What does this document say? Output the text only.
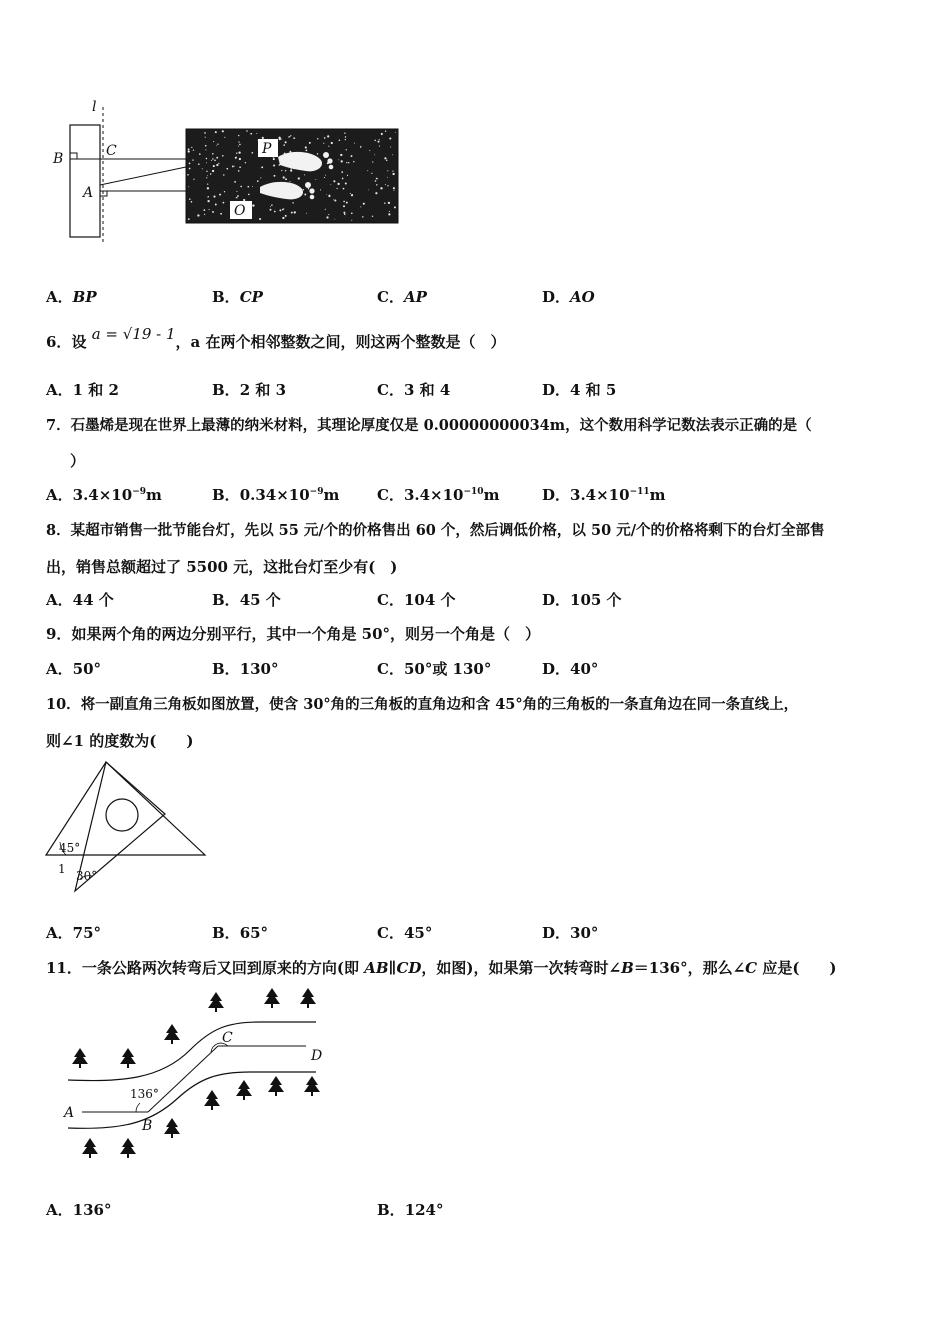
l
B	C
A
P
O
A．BP	B．CP	C．AP	D．AO
6．设 a = √19 - 1，a 在两个相邻整数之间，则这两个整数是（　）
A．1 和 2	B．2 和 3	C．3 和 4	D．4 和 5
7．石墨烯是现在世界上最薄的纳米材料，其理论厚度仅是 0.00000000034m，这个数用科学记数法表示正确的是（
）
A．$3.4\times 10^{-9}m$	B．$0.34\times 10^{-9}m$	C．$3.4\times 10^{-10}m$	D．$3.4\times 10^{-11}m$
8．某超市销售一批节能台灯，先以 55 元/个的价格售出 60 个，然后调低价格，以 50 元/个的价格将剩下的台灯全部售
出，销售总额超过了 5500 元，这批台灯至少有(　)
A．44 个	B．45 个	C．104 个	D．105 个
9．如果两个角的两边分别平行，其中一个角是 50°，则另一个角是（　）
A．50°	B．130°	C．50°或 130°	D．40°
10．将一副直角三角板如图放置，使含 30°角的三角板的直角边和含 45°角的三角板的一条直角边在同一条直线上，
则∠1 的度数为(　　)
45°
1 30°
A．75°	B．65°	C．45°	D．30°
11．一条公路两次转弯后又回到原来的方向(即 AB∥CD，如图)，如果第一次转弯时∠B＝136°，那么∠C 应是(　　)
A
B
C
D
136°
A．136°	B．124°
